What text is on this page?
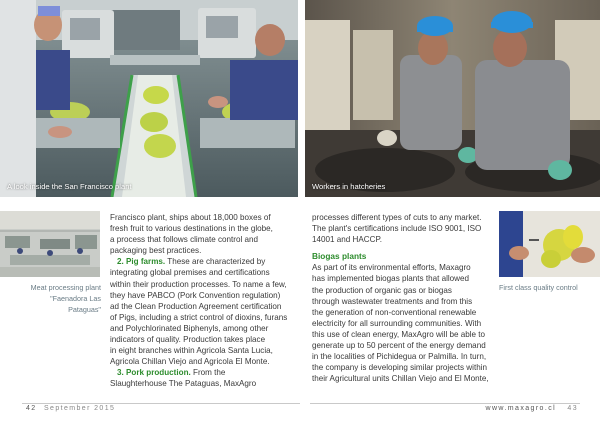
A look inside the San Francisco plant	Workers in hatcheries
Meat processing plant "Faenadora Las Pataguas"
First class quality control

Francisco plant, ships about 18,000 boxes of

fresh fruit to various destinations in the globe,

a process that follows climate control and

packaging best practices.

2. Pig farms. These are characterized by

integrating global premises and certifications

within their production processes. To name a few,

they have PABCO (Pork Convention regulation)

ad the Clean Production Agreement certification

of Pigs, including a strict control of dioxins, furans

and Polychlorinated Biphenyls, among other

indicators of quality. Production takes place

in eight branches within Agricola Santa Lucia,

Agricola Chillan Viejo and Agricola El Monte.

3. Pork production. From the

Slaughterhouse The Pataguas, MaxAgro

processes different types of cuts to any market.

The plant's certifications include ISO 9001, ISO

14001 and HACCP.

Biogas plants

As part of its environmental efforts, Maxagro

has implemented biogas plants that allowed

the production of organic gas or biogas

through wastewater treatments and from this

the generation of non-conventional renewable

electricity for all surrounding communities. With

this use of clean energy, MaxAgro will be able to

generate up to 50 percent of the energy demand

in the localities of Pichidegua or Palmilla. In turn,

the company is developing similar projects within

their Agricultural units Chillan Viejo and El Monte,

42 September 2015	www.maxagro.cl 43
